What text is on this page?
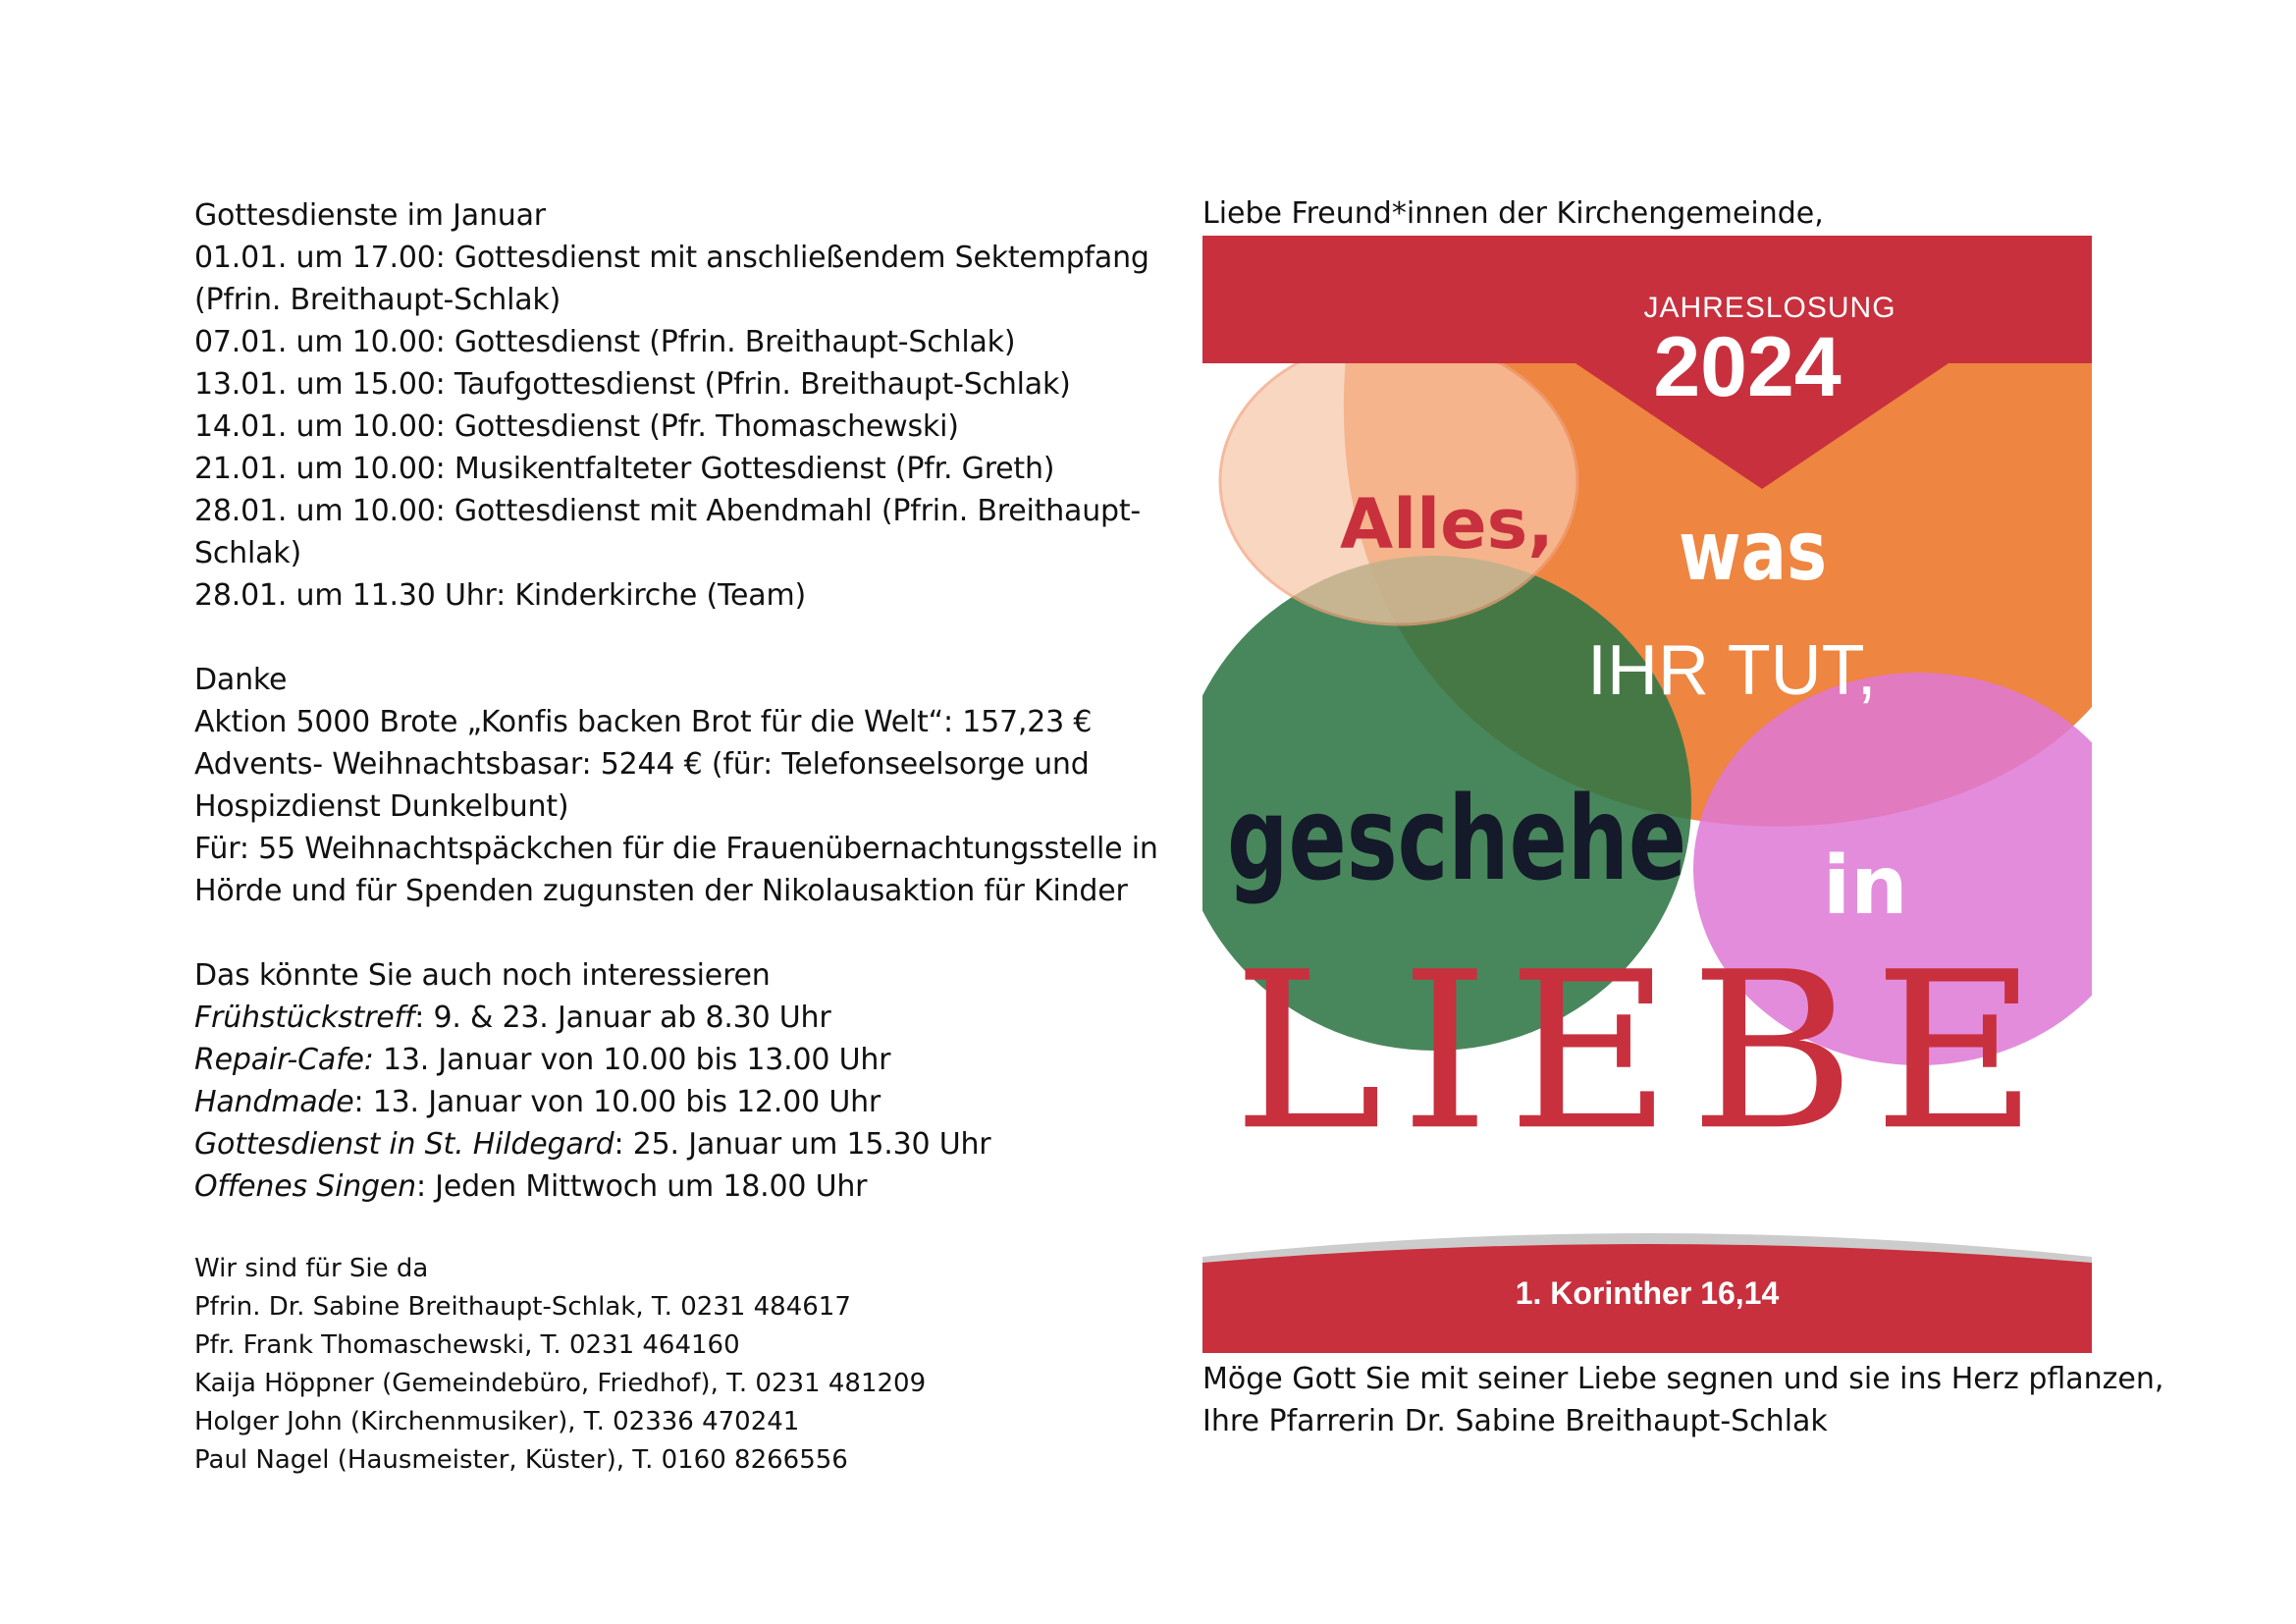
Gottesdienste im Januar
01.01. um 17.00: Gottesdienst mit anschließendem Sektempfang
(Pfrin. Breithaupt-Schlak)
07.01. um 10.00: Gottesdienst (Pfrin. Breithaupt-Schlak)
13.01. um 15.00: Taufgottesdienst (Pfrin. Breithaupt-Schlak)
14.01. um 10.00: Gottesdienst (Pfr. Thomaschewski)
21.01. um 10.00: Musikentfalteter Gottesdienst (Pfr. Greth)
28.01. um 10.00: Gottesdienst mit Abendmahl (Pfrin. Breithaupt-
Schlak)
28.01. um 11.30 Uhr: Kinderkirche (Team)
Danke
Aktion 5000 Brote „Konfis backen Brot für die Welt“: 157,23 €
Advents- Weihnachtsbasar: 5244 € (für: Telefonseelsorge und
Hospizdienst Dunkelbunt)
Für: 55 Weihnachtspäckchen für die Frauenübernachtungsstelle in
Hörde und für Spenden zugunsten der Nikolausaktion für Kinder
Das könnte Sie auch noch interessieren
Frühstückstreff: 9. & 23. Januar ab 8.30 Uhr
Repair-Cafe: 13. Januar von 10.00 bis 13.00 Uhr
Handmade: 13. Januar von 10.00 bis 12.00 Uhr
Gottesdienst in St. Hildegard: 25. Januar um 15.30 Uhr
Offenes Singen: Jeden Mittwoch um 18.00 Uhr
Wir sind für Sie da
Pfrin. Dr. Sabine Breithaupt-Schlak, T. 0231 484617
Pfr. Frank Thomaschewski, T. 0231 464160
Kaija Höppner (Gemeindebüro, Friedhof), T. 0231 481209
Holger John (Kirchenmusiker), T. 02336 470241
Paul Nagel (Hausmeister, Küster), T. 0160 8266556
Liebe Freund*innen der Kirchengemeinde,
JAHRESLOSUNG
2024
Alles, was
IHR TUT,
geschehe in
LIEBE
1. Korinther 16,14
Möge Gott Sie mit seiner Liebe segnen und sie ins Herz pflanzen,
Ihre Pfarrerin Dr. Sabine Breithaupt-Schlak
